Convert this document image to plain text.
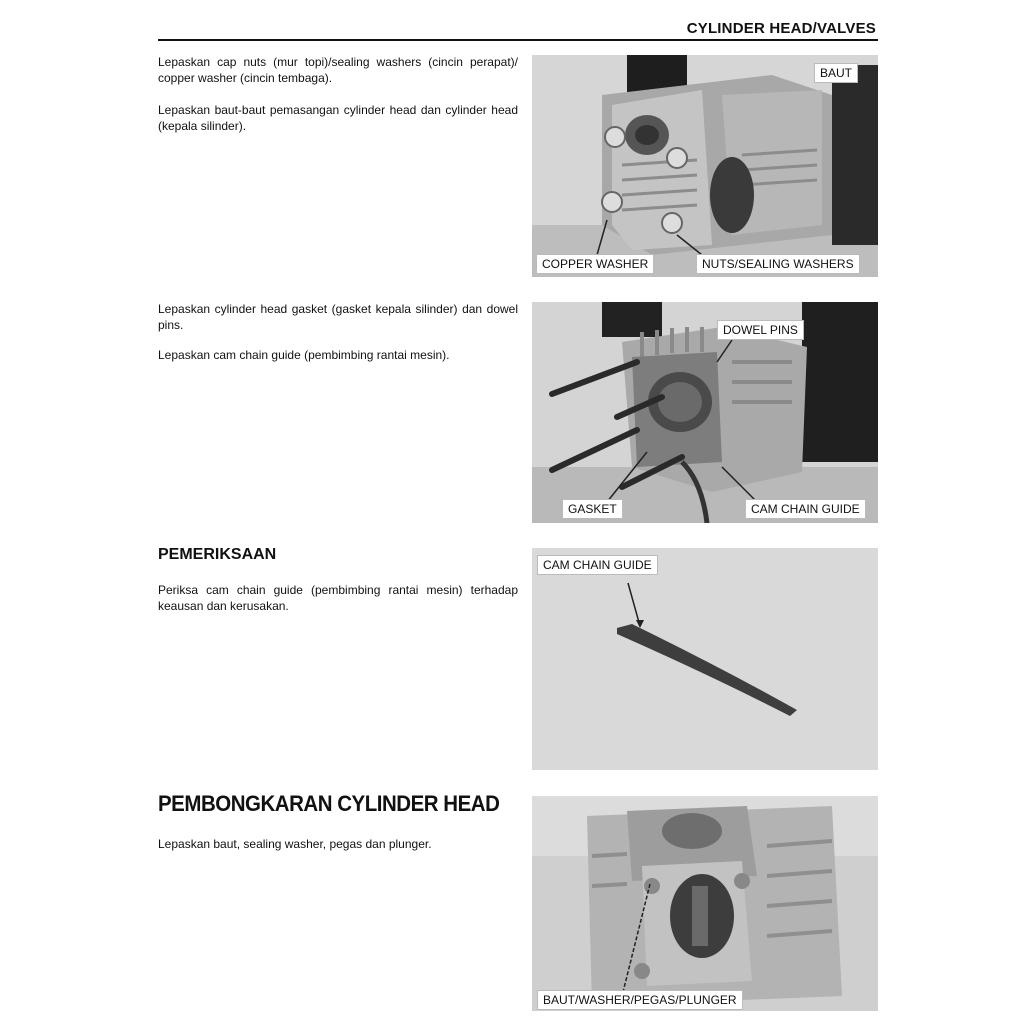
CYLINDER HEAD/VALVES

Lepaskan cap nuts (mur topi)/sealing washers (cincin perapat)/ copper washer (cincin tembaga).

Lepaskan baut-baut pemasangan cylinder head dan cylinder head (kepala silinder).

BAUT
COPPER WASHER	NUTS/SEALING WASHERS

Lepaskan cylinder head gasket (gasket kepala silinder) dan dowel pins.

Lepaskan cam chain guide (pembimbing rantai mesin).

DOWEL PINS
GASKET	CAM CHAIN GUIDE
PEMERIKSAAN

Periksa cam chain guide (pembimbing rantai mesin) terhadap keausan dan kerusakan.

CAM CHAIN GUIDE
PEMBONGKARAN CYLINDER HEAD

Lepaskan baut, sealing washer, pegas dan plunger.

BAUT/WASHER/PEGAS/PLUNGER
